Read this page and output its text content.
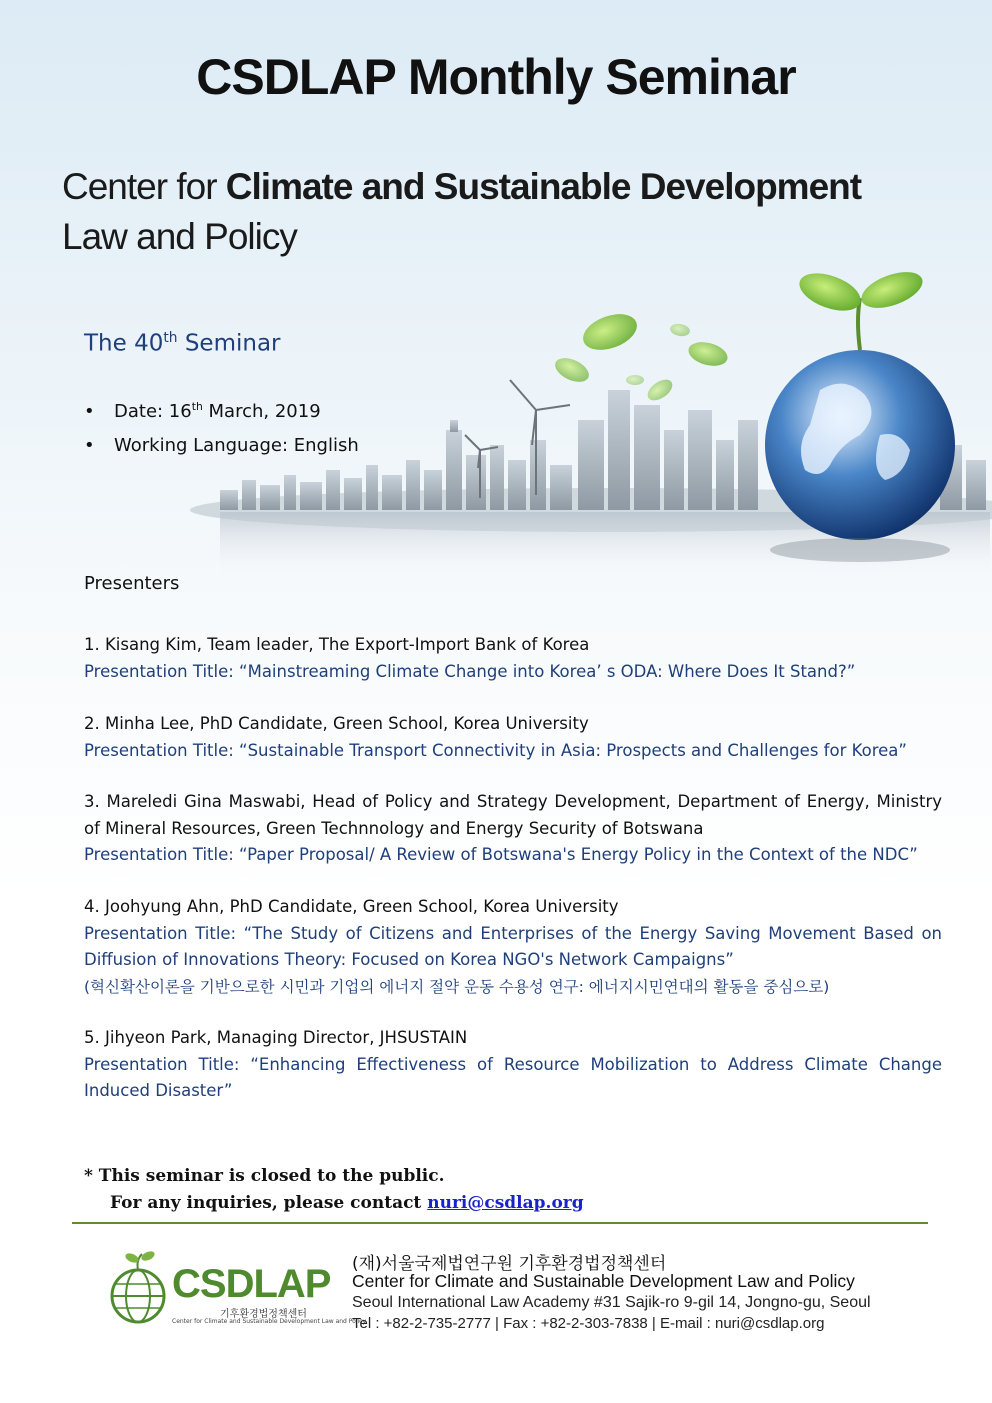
CSDLAP Monthly Seminar
Center for Climate and Sustainable Development
Law and Policy
The 40th Seminar
• Date: 16th March, 2019
• Working Language: English
Presenters
1. Kisang Kim, Team leader, The Export-Import Bank of Korea
Presentation Title: “Mainstreaming Climate Change into Korea’ s ODA: Where Does It Stand?”
2. Minha Lee, PhD Candidate, Green School, Korea University
Presentation Title: “Sustainable Transport Connectivity in Asia: Prospects and Challenges for Korea”
3. Mareledi Gina Maswabi, Head of Policy and Strategy Development, Department of Energy, Ministry of Mineral Resources, Green Technnology and Energy Security of Botswana
Presentation Title: “Paper Proposal/ A Review of Botswana's Energy Policy in the Context of the NDC”
4. Joohyung Ahn, PhD Candidate, Green School, Korea University
Presentation Title: “The Study of Citizens and Enterprises of the Energy Saving Movement Based on Diffusion of Innovations Theory: Focused on Korea NGO's Network Campaigns”
(혁신확산이론을 기반으로한 시민과 기업의 에너지 절약 운동 수용성 연구: 에너지시민연대의 활동을 중심으로)
5. Jihyeon Park, Managing Director, JHSUSTAIN
Presentation Title: “Enhancing Effectiveness of Resource Mobilization to Address Climate Change Induced Disaster”
* This seminar is closed to the public.
For any inquiries, please contact nuri@csdlap.org
CSDLAP
기후환경법정책센터
Center for Climate and Sustainable Development Law and Policy
(재)서울국제법연구원 기후환경법정책센터
Center for Climate and Sustainable Development Law and Policy
Seoul International Law Academy #31 Sajik-ro 9-gil 14, Jongno-gu, Seoul
Tel : +82-2-735-2777 | Fax : +82-2-303-7838 | E-mail : nuri@csdlap.org
